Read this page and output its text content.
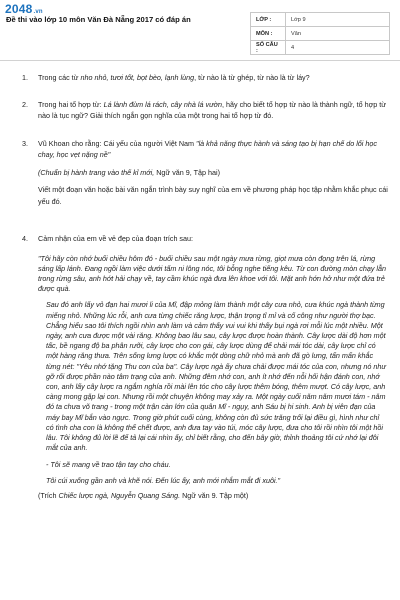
2048.vn
Đề thi vào lớp 10 môn Văn Đà Nẵng 2017 có đáp án	LỚP :	Lớp 9
MÔN :	Văn
SỐ CÂU :	4
1.	Trong các từ nho nhỏ, tươi tốt, bọt bèo, lạnh lùng, từ nào là từ ghép, từ nào là từ láy?

2.	Trong hai tổ hợp từ: Lá lành đùm lá rách, cây nhà lá vườn, hãy cho biết tổ hợp từ nào là thành ngữ, tổ hợp từ nào là tục ngữ? Giải thích ngắn gọn nghĩa của một trong hai tổ hợp từ đó.

3.	Vũ Khoan cho rằng: Cái yếu của người Việt Nam "là khả năng thực hành và sáng tạo bị hạn chế do lối học chay, học vẹt nặng nề"

(Chuẩn bị hành trang vào thế kỉ mới, Ngữ văn 9, Tập hai)

Viết một đoạn văn hoặc bài văn ngắn trình bày suy nghĩ của em về phương pháp học tập nhằm khắc phục cái yếu đó.

4.	Cảm nhận của em về vẻ đẹp của đoạn trích sau:

"Tôi hãy còn nhớ buổi chiều hôm đó - buổi chiều sau một ngày mưa rừng, giọt mưa còn đọng trên lá, rừng sáng lấp lánh. Đang ngồi làm việc dưới tấm ni lông nóc, tôi bỗng nghe tiếng kêu. Từ con đường mòn chạy lẫn trong rừng sâu, anh hớt hải chạy về, tay cầm khúc ngà đưa lên khoe với tôi. Mặt anh hớn hở như một đứa trẻ được quà.

Sau đó anh lấy vỏ đạn hai mươi li của Mĩ, đập mỏng làm thành một cây cưa nhỏ, cưa khúc ngà thành từng miếng nhỏ. Những lúc rỗi, anh cưa từng chiếc răng lược, thận trọng tỉ mỉ và cố công như người thợ bạc. Chẳng hiểu sao tôi thích ngồi nhìn anh làm và cảm thấy vui vui khi thấy bụi ngà rơi mỗi lúc một nhiều. Một ngày, anh cưa được một vài răng. Không bao lâu sau, cây lược được hoàn thành. Cây lược dài độ hơn một tấc, bề ngang độ ba phân rưỡi, cây lược cho con gái, cây lược dùng để chải mái tóc dài, cây lược chỉ có một hàng răng thưa. Trên sống lưng lược có khắc một dòng chữ nhỏ mà anh đã gò lưng, tẩn mẩn khắc từng nét: "Yêu nhớ tặng Thu con của ba". Cây lược ngà ấy chưa chải được mái tóc của con, nhưng nó như gỡ rối được phần nào tâm trạng của anh. Những đêm nhớ con, anh ít nhớ đến nỗi hối hận đánh con, nhớ con, anh lấy cây lược ra ngắm nghía rồi mài lên tóc cho cây lược thêm bóng, thêm mượt. Có cây lược, anh càng mong gặp lại con. Nhưng rồi một chuyện không may xảy ra. Một ngày cuối năm năm mươi tám - năm đó ta chưa võ trang - trong một trận càn lớn của quân Mĩ - ngụy, anh Sáu bị hi sinh. Anh bị viên đạn của máy bay Mĩ bắn vào ngực. Trong giờ phút cuối cùng, không còn đủ sức trăng trối lại điều gì, hình như chỉ có tình cha con là không thể chết được, anh đưa tay vào túi, móc cây lược, đưa cho tôi rồi nhìn tôi một hồi lâu. Tôi không đủ lời lẽ để tả lại cái nhìn ấy, chỉ biết rằng, cho đến bây giờ, thỉnh thoảng tôi cứ nhớ lại đôi mắt của anh.

- Tôi sẽ mang về trao tận tay cho cháu.

Tôi cúi xuống gần anh và khẽ nói. Đến lúc ấy, anh mới nhắm mắt đi xuôi."

(Trích Chiếc lược ngà, Nguyễn Quang Sáng. Ngữ văn 9. Tập một)
